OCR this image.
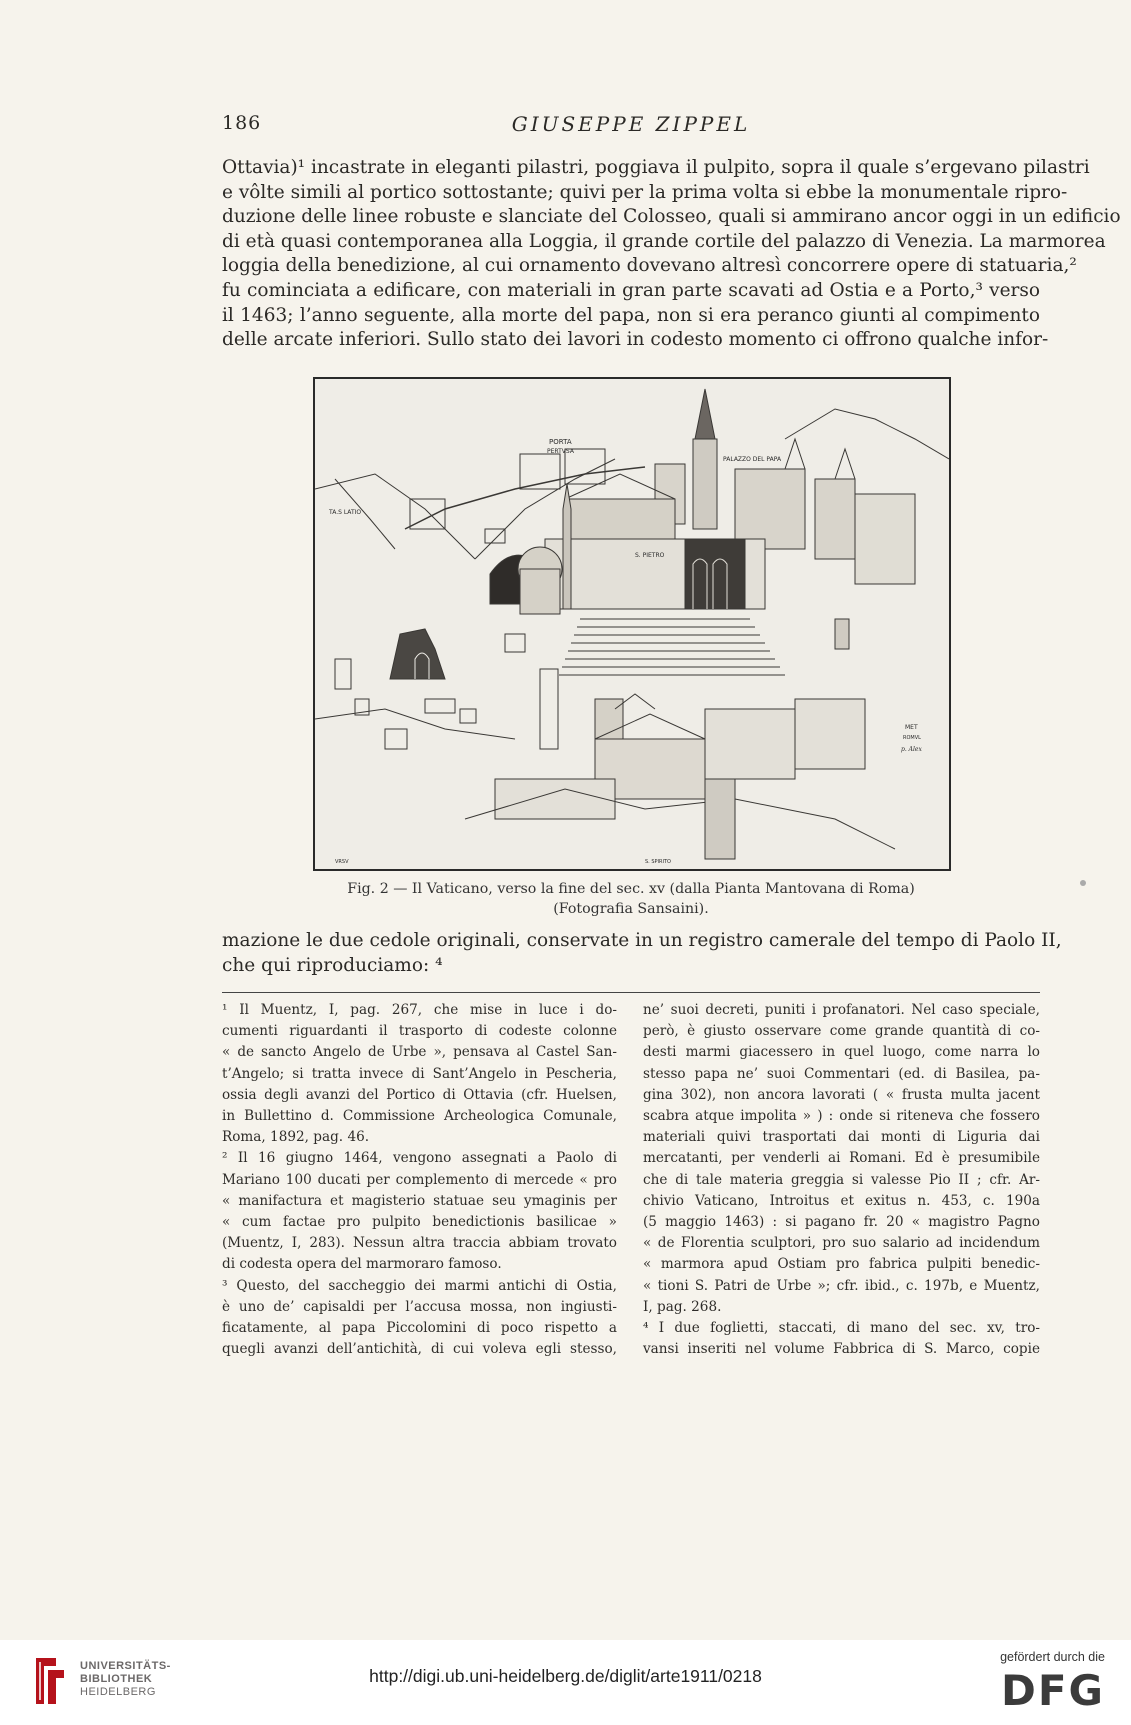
186	GIUSEPPE ZIPPEL

Ottavia)¹ incastrate in eleganti pilastri, poggiava il pulpito, sopra il quale s’ergevano pilastri
e vôlte simili al portico sottostante; quivi per la prima volta si ebbe la monumentale ripro-
duzione delle linee robuste e slanciate del Colosseo, quali si ammirano ancor oggi in un edificio
di età quasi contemporanea alla Loggia, il grande cortile del palazzo di Venezia. La marmorea
loggia della benedizione, al cui ornamento dovevano altresì concorrere opere di statuaria,²
fu cominciata a edificare, con materiali in gran parte scavati ad Ostia e a Porto,³ verso
il 1463; l’anno seguente, alla morte del papa, non si era peranco giunti al compimento
delle arcate inferiori. Sullo stato dei lavori in codesto momento ci offrono qualche infor-

PORTA
PERTVSA
PALAZZO DEL PAPA
S. PIETRO
TA.S LATIO
MET
ROMVL
p. Alex
VRSV	S. SPIRITO
Fig. 2 — Il Vaticano, verso la fine del sec. xv (dalla Pianta Mantovana di Roma)
(Fotografia Sansaini).

mazione le due cedole originali, conservate in un registro camerale del tempo di Paolo II,
che qui riproduciamo: ⁴

¹ Il Muentz, I, pag. 267, che mise in luce i do-
cumenti riguardanti il trasporto di codeste colonne
« de sancto Angelo de Urbe », pensava al Castel San-
t’Angelo; si tratta invece di Sant’Angelo in Pescheria,
ossia degli avanzi del Portico di Ottavia (cfr. Huelsen,
in Bullettino d. Commissione Archeologica Comunale,
Roma, 1892, pag. 46.
² Il 16 giugno 1464, vengono assegnati a Paolo di
Mariano 100 ducati per complemento di mercede « pro
« manifactura et magisterio statuae seu ymaginis per
« cum factae pro pulpito benedictionis basilicae »
(Muentz, I, 283). Nessun altra traccia abbiam trovato
di codesta opera del marmoraro famoso.
³ Questo, del saccheggio dei marmi antichi di Ostia,
è uno de’ capisaldi per l’accusa mossa, non ingiusti-
ficatamente, al papa Piccolomini di poco rispetto a
quegli avanzi dell’antichità, di cui voleva egli stesso,
ne’ suoi decreti, puniti i profanatori. Nel caso speciale,
però, è giusto osservare come grande quantità di co-
desti marmi giacessero in quel luogo, come narra lo
stesso papa ne’ suoi Commentari (ed. di Basilea, pa-
gina 302), non ancora lavorati ( « frusta multa jacent
scabra atque impolita » ) : onde si riteneva che fossero
materiali quivi trasportati dai monti di Liguria dai
mercatanti, per venderli ai Romani. Ed è presumibile
che di tale materia greggia si valesse Pio II ; cfr. Ar-
chivio Vaticano, Introitus et exitus n. 453, c. 190a
(5 maggio 1463) : si pagano fr. 20 « magistro Pagno
« de Florentia sculptori, pro suo salario ad incidendum
« marmora apud Ostiam pro fabrica pulpiti benedic-
« tioni S. Patri de Urbe »; cfr. ibid., c. 197b, e Muentz,
I, pag. 268.
⁴ I due foglietti, staccati, di mano del sec. xv, tro-
vansi inseriti nel volume Fabbrica di S. Marco, copie
UNIVERSITÄTS-
BIBLIOTHEK
HEIDELBERG
http://digi.ub.uni-heidelberg.de/diglit/arte1911/0218
gefördert durch die
DFG
